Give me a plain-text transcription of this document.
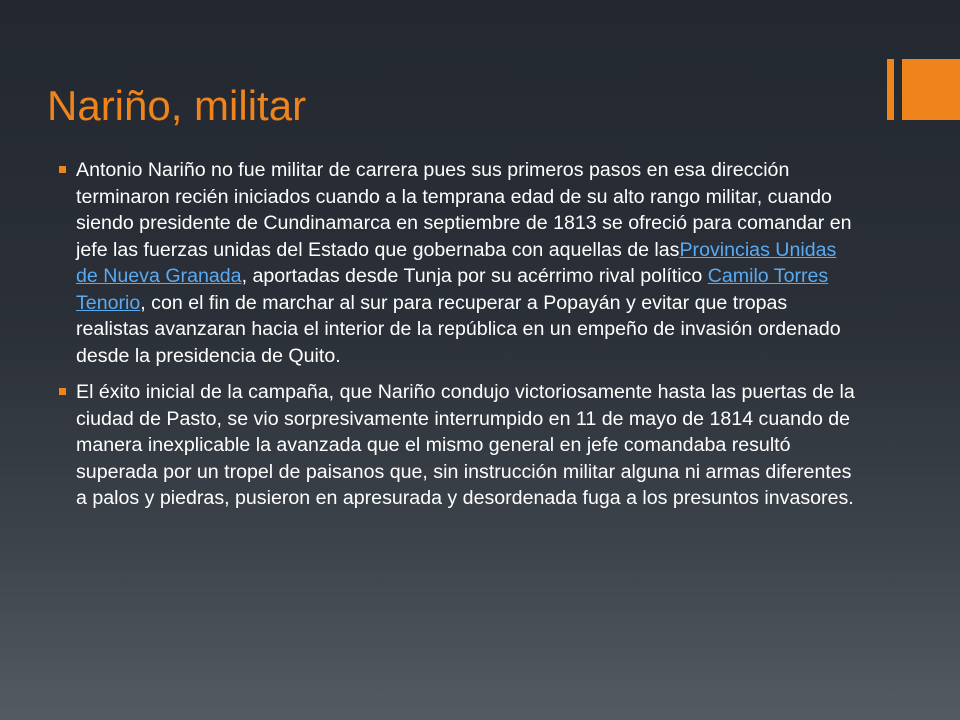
Nariño, militar
Antonio Nariño no fue militar de carrera pues sus primeros pasos en esa dirección terminaron recién iniciados cuando a la temprana edad de su alto rango militar, cuando siendo presidente de Cundinamarca en septiembre de 1813 se ofreció para comandar en jefe las fuerzas unidas del Estado que gobernaba con aquellas de lasProvincias Unidas de Nueva Granada, aportadas desde Tunja por su acérrimo rival político Camilo Torres Tenorio, con el fin de marchar al sur para recuperar a Popayán y evitar que tropas realistas avanzaran hacia el interior de la república en un empeño de invasión ordenado desde la presidencia de Quito.
El éxito inicial de la campaña, que Nariño condujo victoriosamente hasta las puertas de la ciudad de Pasto, se vio sorpresivamente interrumpido en 11 de mayo de 1814 cuando de manera inexplicable la avanzada que el mismo general en jefe comandaba resultó superada por un tropel de paisanos que, sin instrucción militar alguna ni armas diferentes a palos y piedras, pusieron en apresurada y desordenada fuga a los presuntos invasores.
